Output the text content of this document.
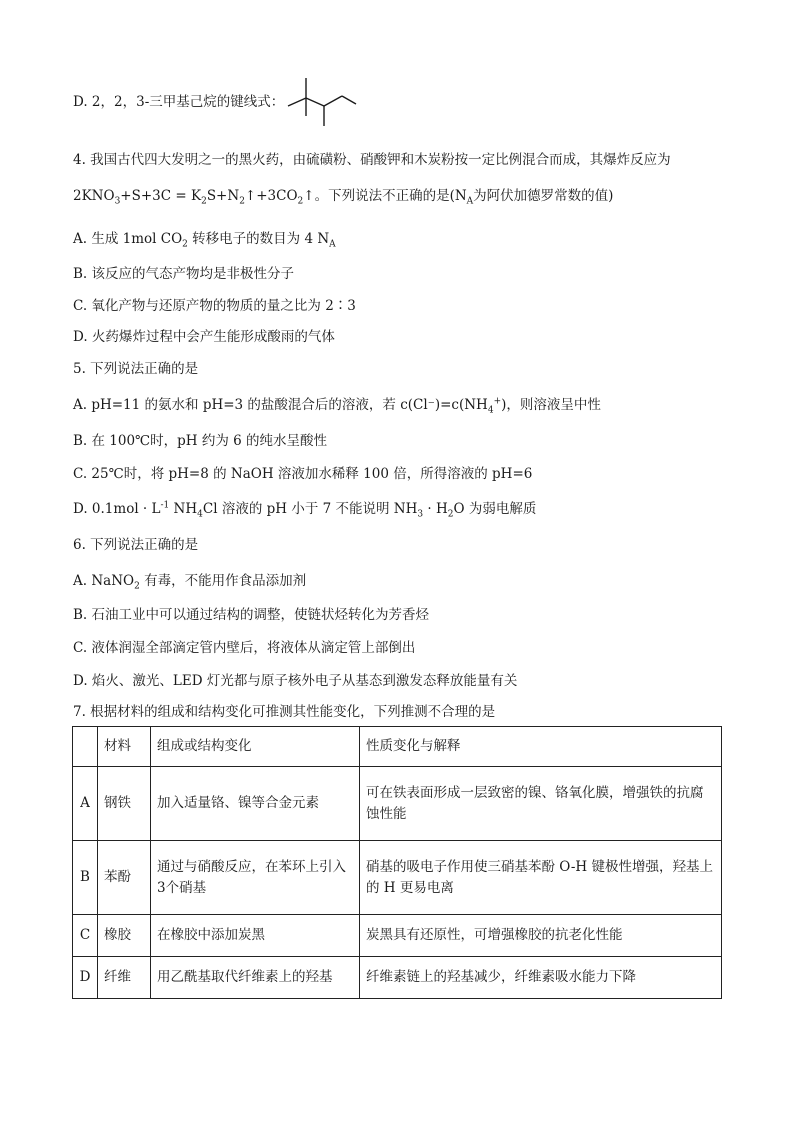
D. 2，2，3-三甲基己烷的键线式：
4. 我国古代四大发明之一的黑火药，由硫磺粉、硝酸钾和木炭粉按一定比例混合而成，其爆炸反应为
$2KNO_3+S+3C$ = $K_2S+N_2↑+3CO_2↑$。下列说法不正确的是($N_A$为阿伏加德罗常数的值)
A. 生成 1mol $CO_2$ 转移电子的数目为 4 $N_A$
B. 该反应的气态产物均是非极性分子
C. 氧化产物与还原产物的物质的量之比为 2∶3
D. 火药爆炸过程中会产生能形成酸雨的气体
5. 下列说法正确的是
A. pH=11 的氨水和 pH=3 的盐酸混合后的溶液，若 $c(Cl^-)=c(NH_4^+)$，则溶液呈中性
B. 在 100℃时，pH 约为 6 的纯水呈酸性
C. 25℃时，将 pH=8 的 NaOH 溶液加水稀释 100 倍，所得溶液的 pH=6
D. $0.1mol \cdot L^{-1}$ $NH_4Cl$ 溶液的 pH 小于 7 不能说明 $NH_3 \cdot H_2O$ 为弱电解质
6. 下列说法正确的是
A. NaNO$_2$ 有毒，不能用作食品添加剂
B. 石油工业中可以通过结构的调整，使链状烃转化为芳香烃
C. 液体润湿全部滴定管内壁后，将液体从滴定管上部倒出
D. 焰火、激光、LED 灯光都与原子核外电子从基态到激发态释放能量有关
7. 根据材料的组成和结构变化可推测其性能变化，下列推测不合理的是
	材料	组成或结构变化	性质变化与解释
A	钢铁	加入适量铬、镍等合金元素	可在铁表面形成一层致密的镍、铬氧化膜，增强铁的抗腐蚀性能
B	苯酚	通过与硝酸反应，在苯环上引入3个硝基	硝基的吸电子作用使三硝基苯酚 O-H 键极性增强，羟基上的 H 更易电离
C	橡胶	在橡胶中添加炭黑	炭黑具有还原性，可增强橡胶的抗老化性能
D	纤维	用乙酰基取代纤维素上的羟基	纤维素链上的羟基减少，纤维素吸水能力下降
